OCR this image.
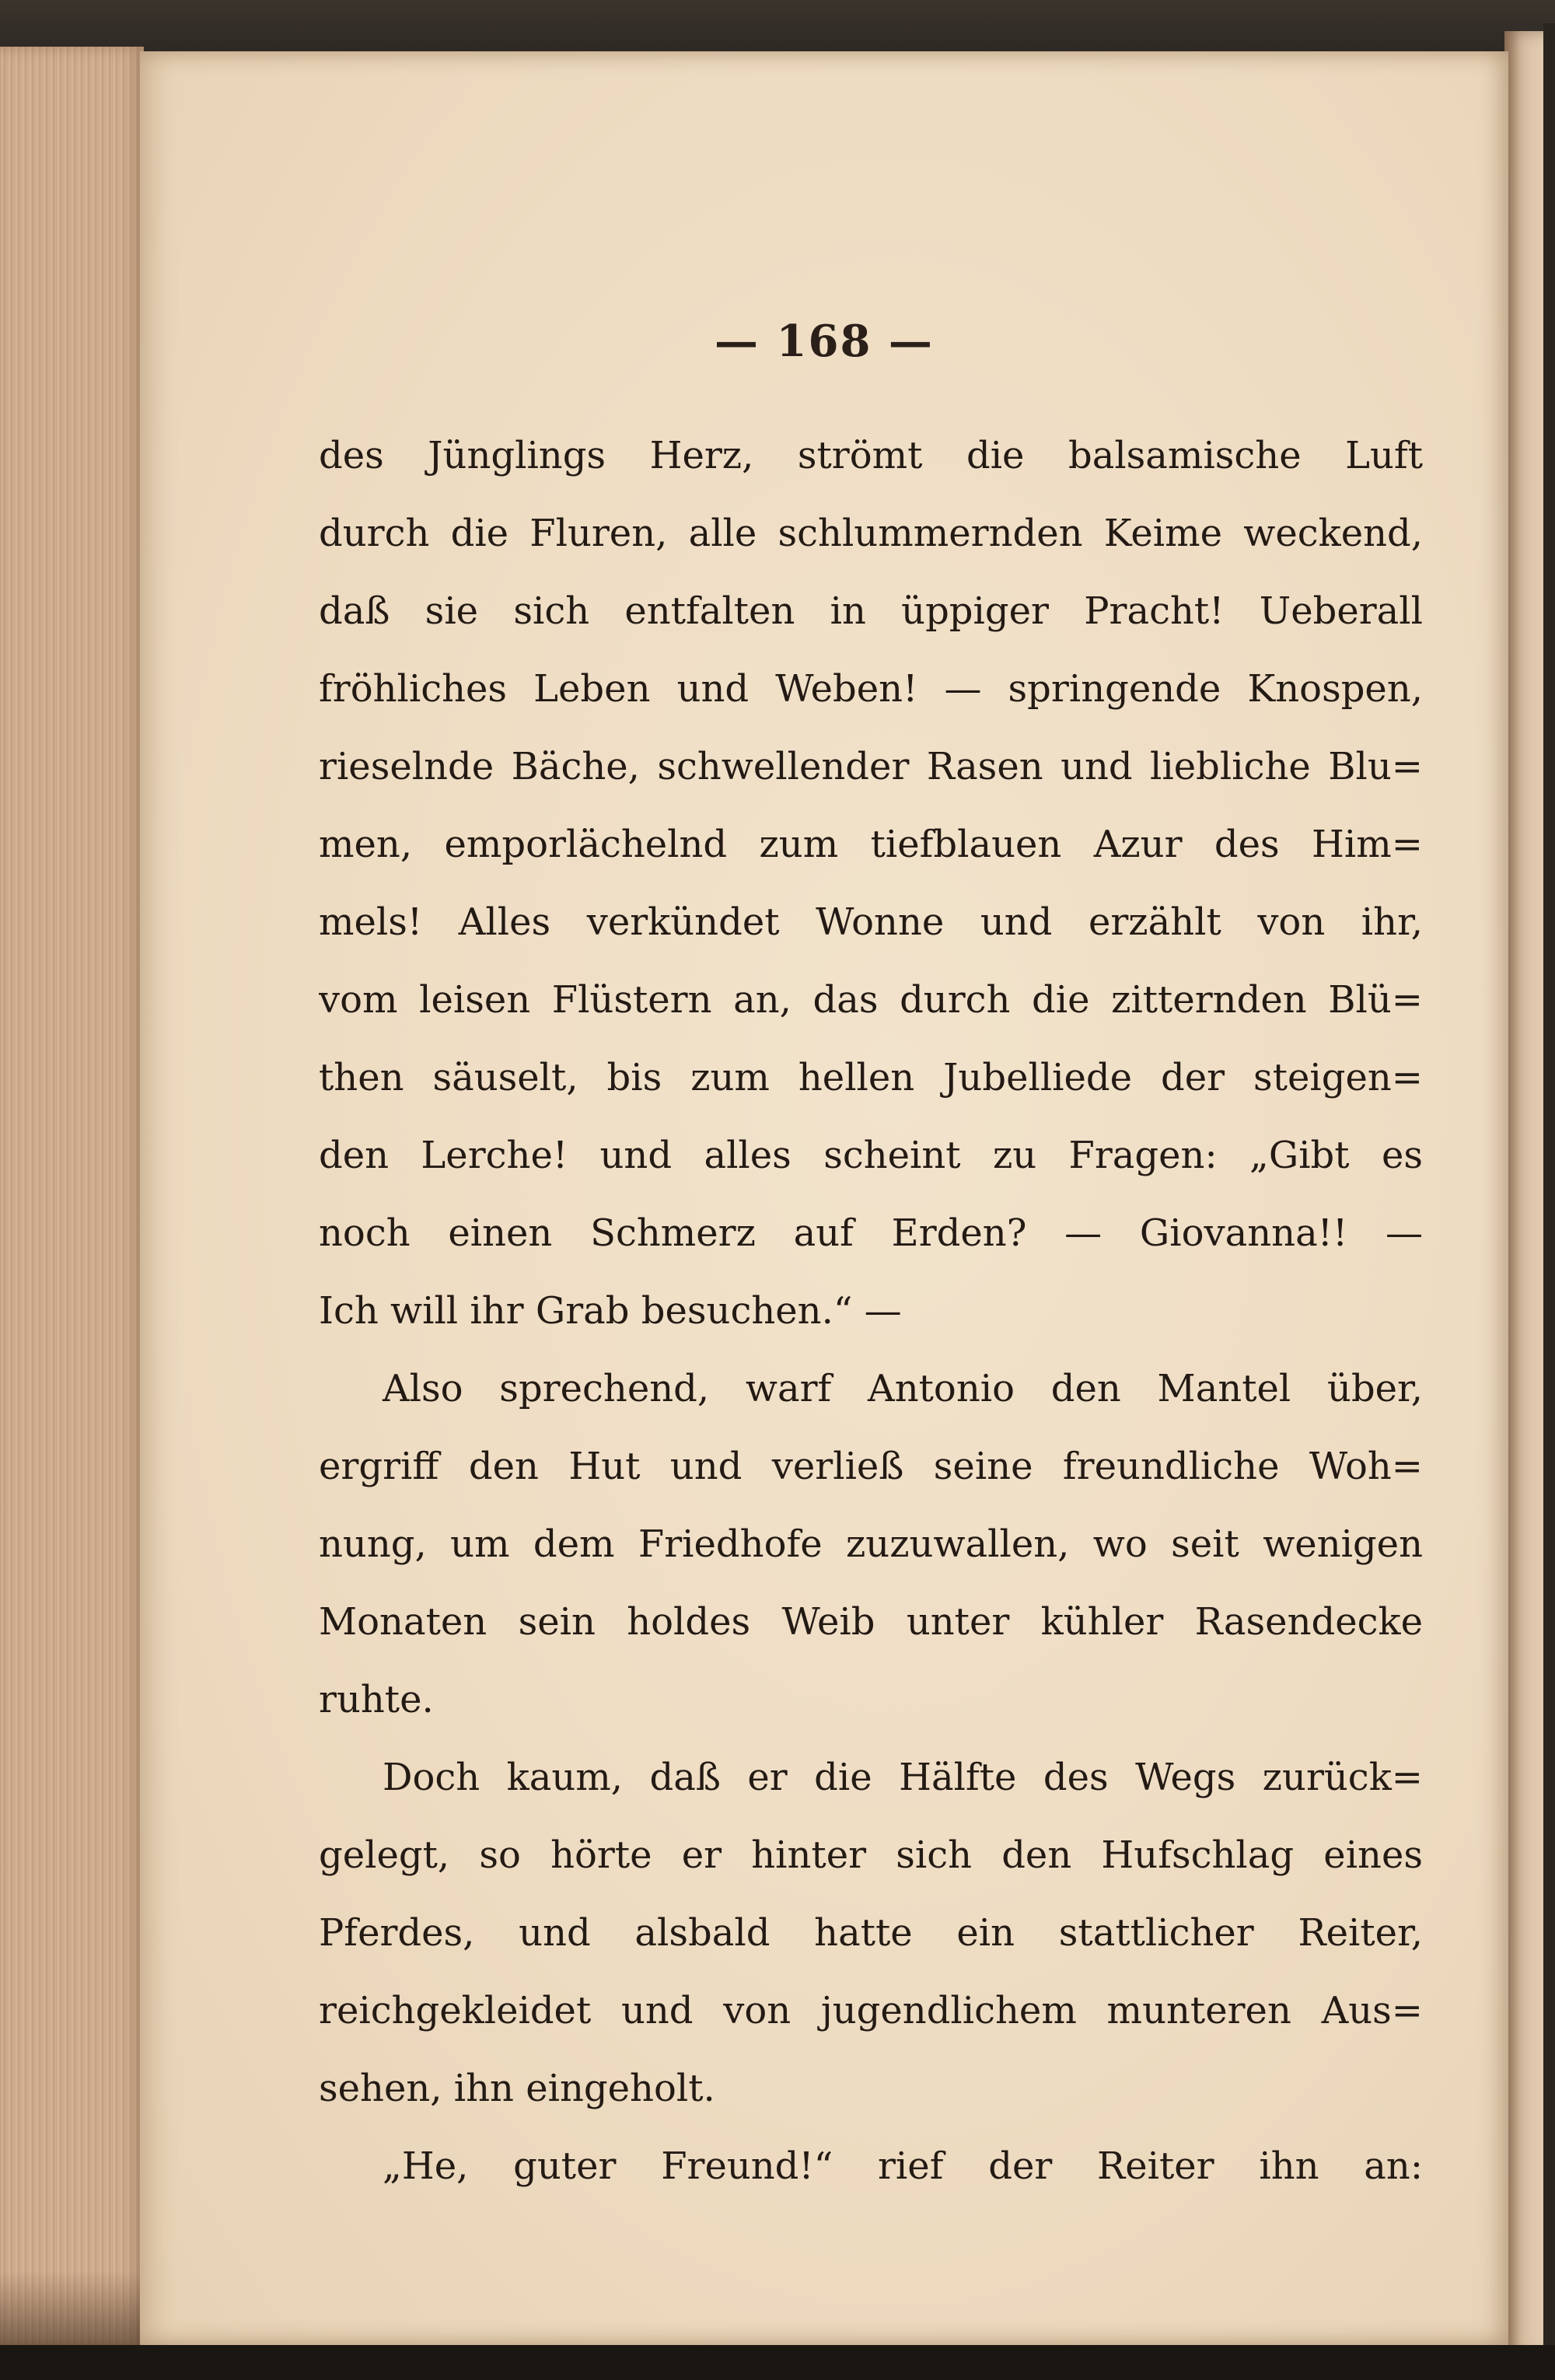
— 168 —
des Jünglings Herz, strömt die balsamische Luft
durch die Fluren, alle schlummernden Keime weckend,
daß sie sich entfalten in üppiger Pracht! Ueberall
fröhliches Leben und Weben! — springende Knospen,
rieselnde Bäche, schwellender Rasen und liebliche Blu=
men, emporlächelnd zum tiefblauen Azur des Him=
mels! Alles verkündet Wonne und erzählt von ihr,
vom leisen Flüstern an, das durch die zitternden Blü=
then säuselt, bis zum hellen Jubelliede der steigen=
den Lerche! und alles scheint zu Fragen: „Gibt es
noch einen Schmerz auf Erden? — Giovanna!! —
Ich will ihr Grab besuchen.“ —
Also sprechend, warf Antonio den Mantel über,
ergriff den Hut und verließ seine freundliche Woh=
nung, um dem Friedhofe zuzuwallen, wo seit wenigen
Monaten sein holdes Weib unter kühler Rasendecke
ruhte.
Doch kaum, daß er die Hälfte des Wegs zurück=
gelegt, so hörte er hinter sich den Hufschlag eines
Pferdes, und alsbald hatte ein stattlicher Reiter,
reichgekleidet und von jugendlichem munteren Aus=
sehen, ihn eingeholt.
„He, guter Freund!“ rief der Reiter ihn an:
